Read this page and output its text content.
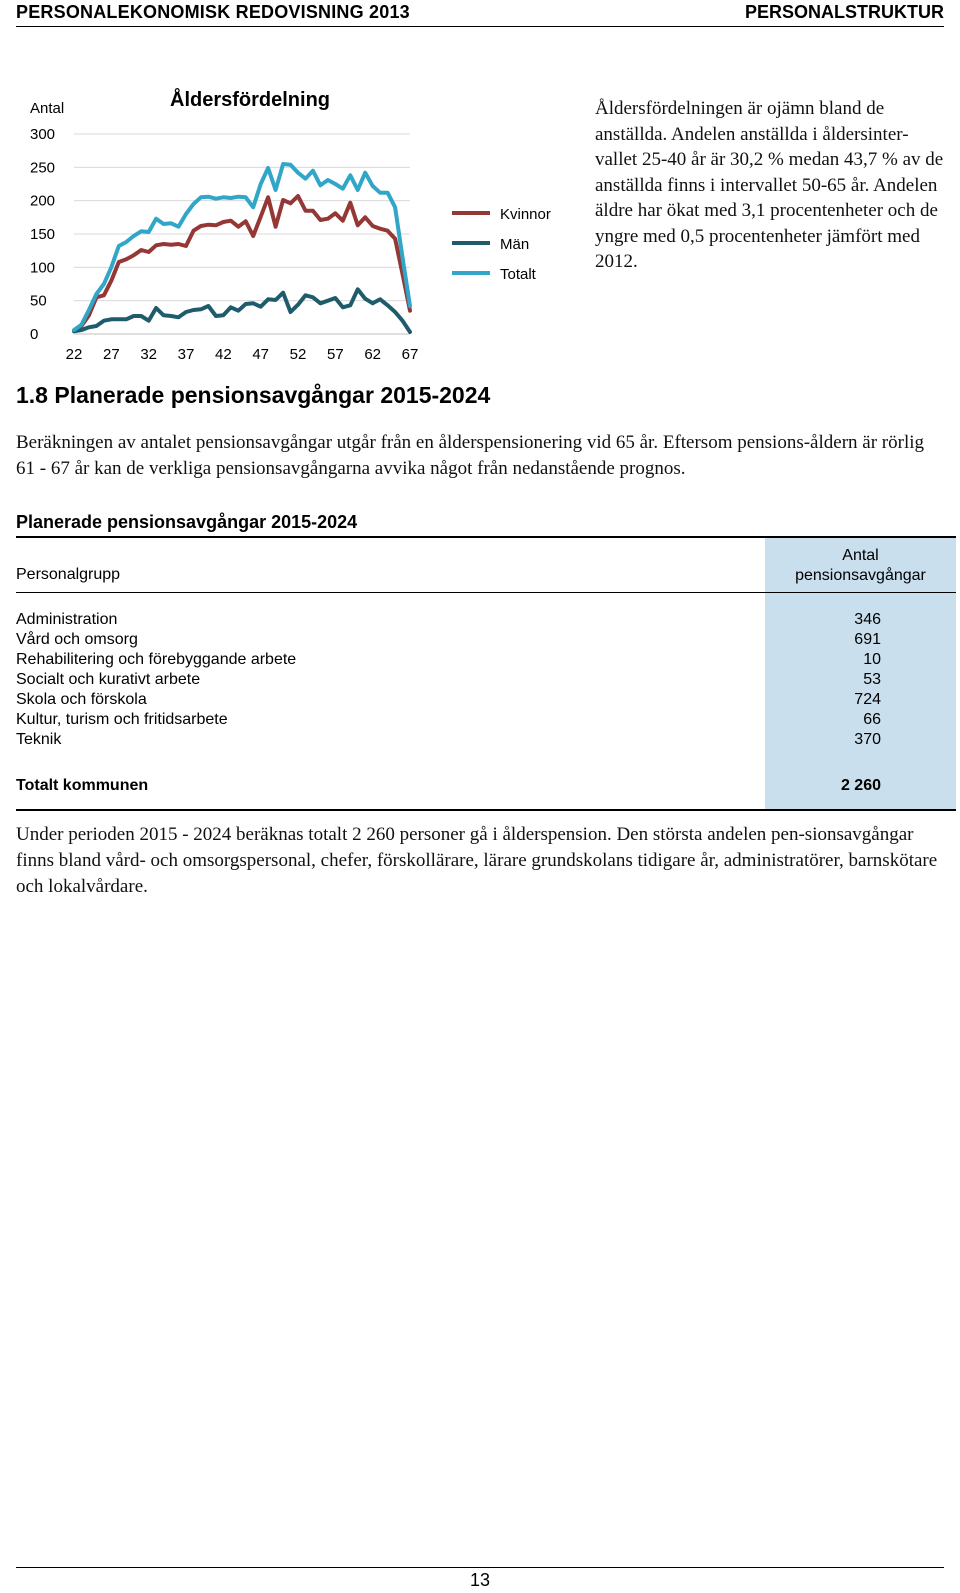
PERSONALEKONOMISK REDOVISNING 2013	PERSONALSTRUKTUR
0
50
100
150
200
250
300
22 27 32 37 42 47 52 57 62 67
Åldersfördelning
Antal
Kvinnor
Män
Totalt
Åldersfördelningen är ojämn bland de anställda. Andelen anställda i åldersinter-vallet 25-40 år är 30,2 % medan 43,7 % av de anställda finns i intervallet 50-65 år. Andelen äldre har ökat med 3,1 procentenheter och de yngre med 0,5 procentenheter jämfört med 2012.
1.8 Planerade pensionsavgångar 2015-2024
Beräkningen av antalet pensionsavgångar utgår från en ålderspensionering vid 65 år. Eftersom pensions-åldern är rörlig 61 - 67 år kan de verkliga pensionsavgångarna avvika något från nedanstående prognos.
Planerade pensionsavgångar 2015-2024
Personalgrupp
Antal
pensionsavgångar
Administration	346
Vård och omsorg	691
Rehabilitering och förebyggande arbete	10
Socialt och kurativt arbete	53
Skola och förskola	724
Kultur, turism och fritidsarbete	66
Teknik	370
Totalt kommunen	2 260
Under perioden 2015 - 2024 beräknas totalt 2 260 personer gå i ålderspension. Den största andelen pen-sionsavgångar finns bland vård- och omsorgspersonal, chefer, förskollärare, lärare grundskolans tidigare år, administratörer, barnskötare och lokalvårdare.
13
